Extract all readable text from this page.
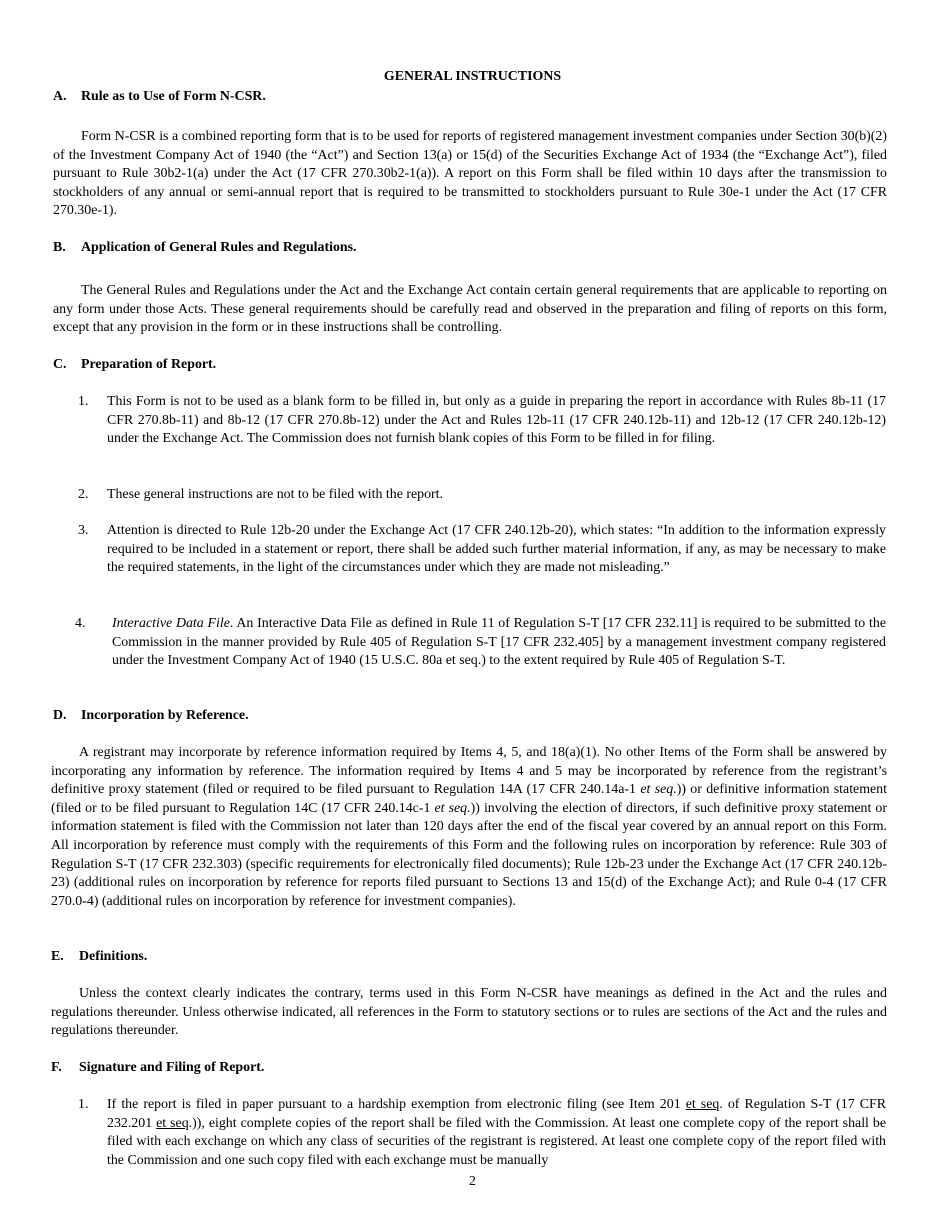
GENERAL INSTRUCTIONS
A. Rule as to Use of Form N-CSR.
Form N-CSR is a combined reporting form that is to be used for reports of registered management investment companies under Section 30(b)(2) of the Investment Company Act of 1940 (the “Act”) and Section 13(a) or 15(d) of the Securities Exchange Act of 1934 (the “Exchange Act”), filed pursuant to Rule 30b2-1(a) under the Act (17 CFR 270.30b2-1(a)). A report on this Form shall be filed within 10 days after the transmission to stockholders of any annual or semi-annual report that is required to be transmitted to stockholders pursuant to Rule 30e-1 under the Act (17 CFR 270.30e-1).
B. Application of General Rules and Regulations.
The General Rules and Regulations under the Act and the Exchange Act contain certain general requirements that are applicable to reporting on any form under those Acts. These general requirements should be carefully read and observed in the preparation and filing of reports on this form, except that any provision in the form or in these instructions shall be controlling.
C. Preparation of Report.
1. This Form is not to be used as a blank form to be filled in, but only as a guide in preparing the report in accordance with Rules 8b-11 (17 CFR 270.8b-11) and 8b-12 (17 CFR 270.8b-12) under the Act and Rules 12b-11 (17 CFR 240.12b-11) and 12b-12 (17 CFR 240.12b-12) under the Exchange Act. The Commission does not furnish blank copies of this Form to be filled in for filing.
2. These general instructions are not to be filed with the report.
3. Attention is directed to Rule 12b-20 under the Exchange Act (17 CFR 240.12b-20), which states: “In addition to the information expressly required to be included in a statement or report, there shall be added such further material information, if any, as may be necessary to make the required statements, in the light of the circumstances under which they are made not misleading.”
4. Interactive Data File. An Interactive Data File as defined in Rule 11 of Regulation S-T [17 CFR 232.11] is required to be submitted to the Commission in the manner provided by Rule 405 of Regulation S-T [17 CFR 232.405] by a management investment company registered under the Investment Company Act of 1940 (15 U.S.C. 80a et seq.) to the extent required by Rule 405 of Regulation S-T.
D. Incorporation by Reference.
A registrant may incorporate by reference information required by Items 4, 5, and 18(a)(1). No other Items of the Form shall be answered by incorporating any information by reference. The information required by Items 4 and 5 may be incorporated by reference from the registrant’s definitive proxy statement (filed or required to be filed pursuant to Regulation 14A (17 CFR 240.14a-1 et seq.)) or definitive information statement (filed or to be filed pursuant to Regulation 14C (17 CFR 240.14c-1 et seq.)) involving the election of directors, if such definitive proxy statement or information statement is filed with the Commission not later than 120 days after the end of the fiscal year covered by an annual report on this Form. All incorporation by reference must comply with the requirements of this Form and the following rules on incorporation by reference: Rule 303 of Regulation S-T (17 CFR 232.303) (specific requirements for electronically filed documents); Rule 12b-23 under the Exchange Act (17 CFR 240.12b-23) (additional rules on incorporation by reference for reports filed pursuant to Sections 13 and 15(d) of the Exchange Act); and Rule 0-4 (17 CFR 270.0-4) (additional rules on incorporation by reference for investment companies).
E. Definitions.
Unless the context clearly indicates the contrary, terms used in this Form N-CSR have meanings as defined in the Act and the rules and regulations thereunder. Unless otherwise indicated, all references in the Form to statutory sections or to rules are sections of the Act and the rules and regulations thereunder.
F. Signature and Filing of Report.
1. If the report is filed in paper pursuant to a hardship exemption from electronic filing (see Item 201 et seq. of Regulation S-T (17 CFR 232.201 et seq.)), eight complete copies of the report shall be filed with the Commission. At least one complete copy of the report shall be filed with each exchange on which any class of securities of the registrant is registered. At least one complete copy of the report filed with the Commission and one such copy filed with each exchange must be manually
2
